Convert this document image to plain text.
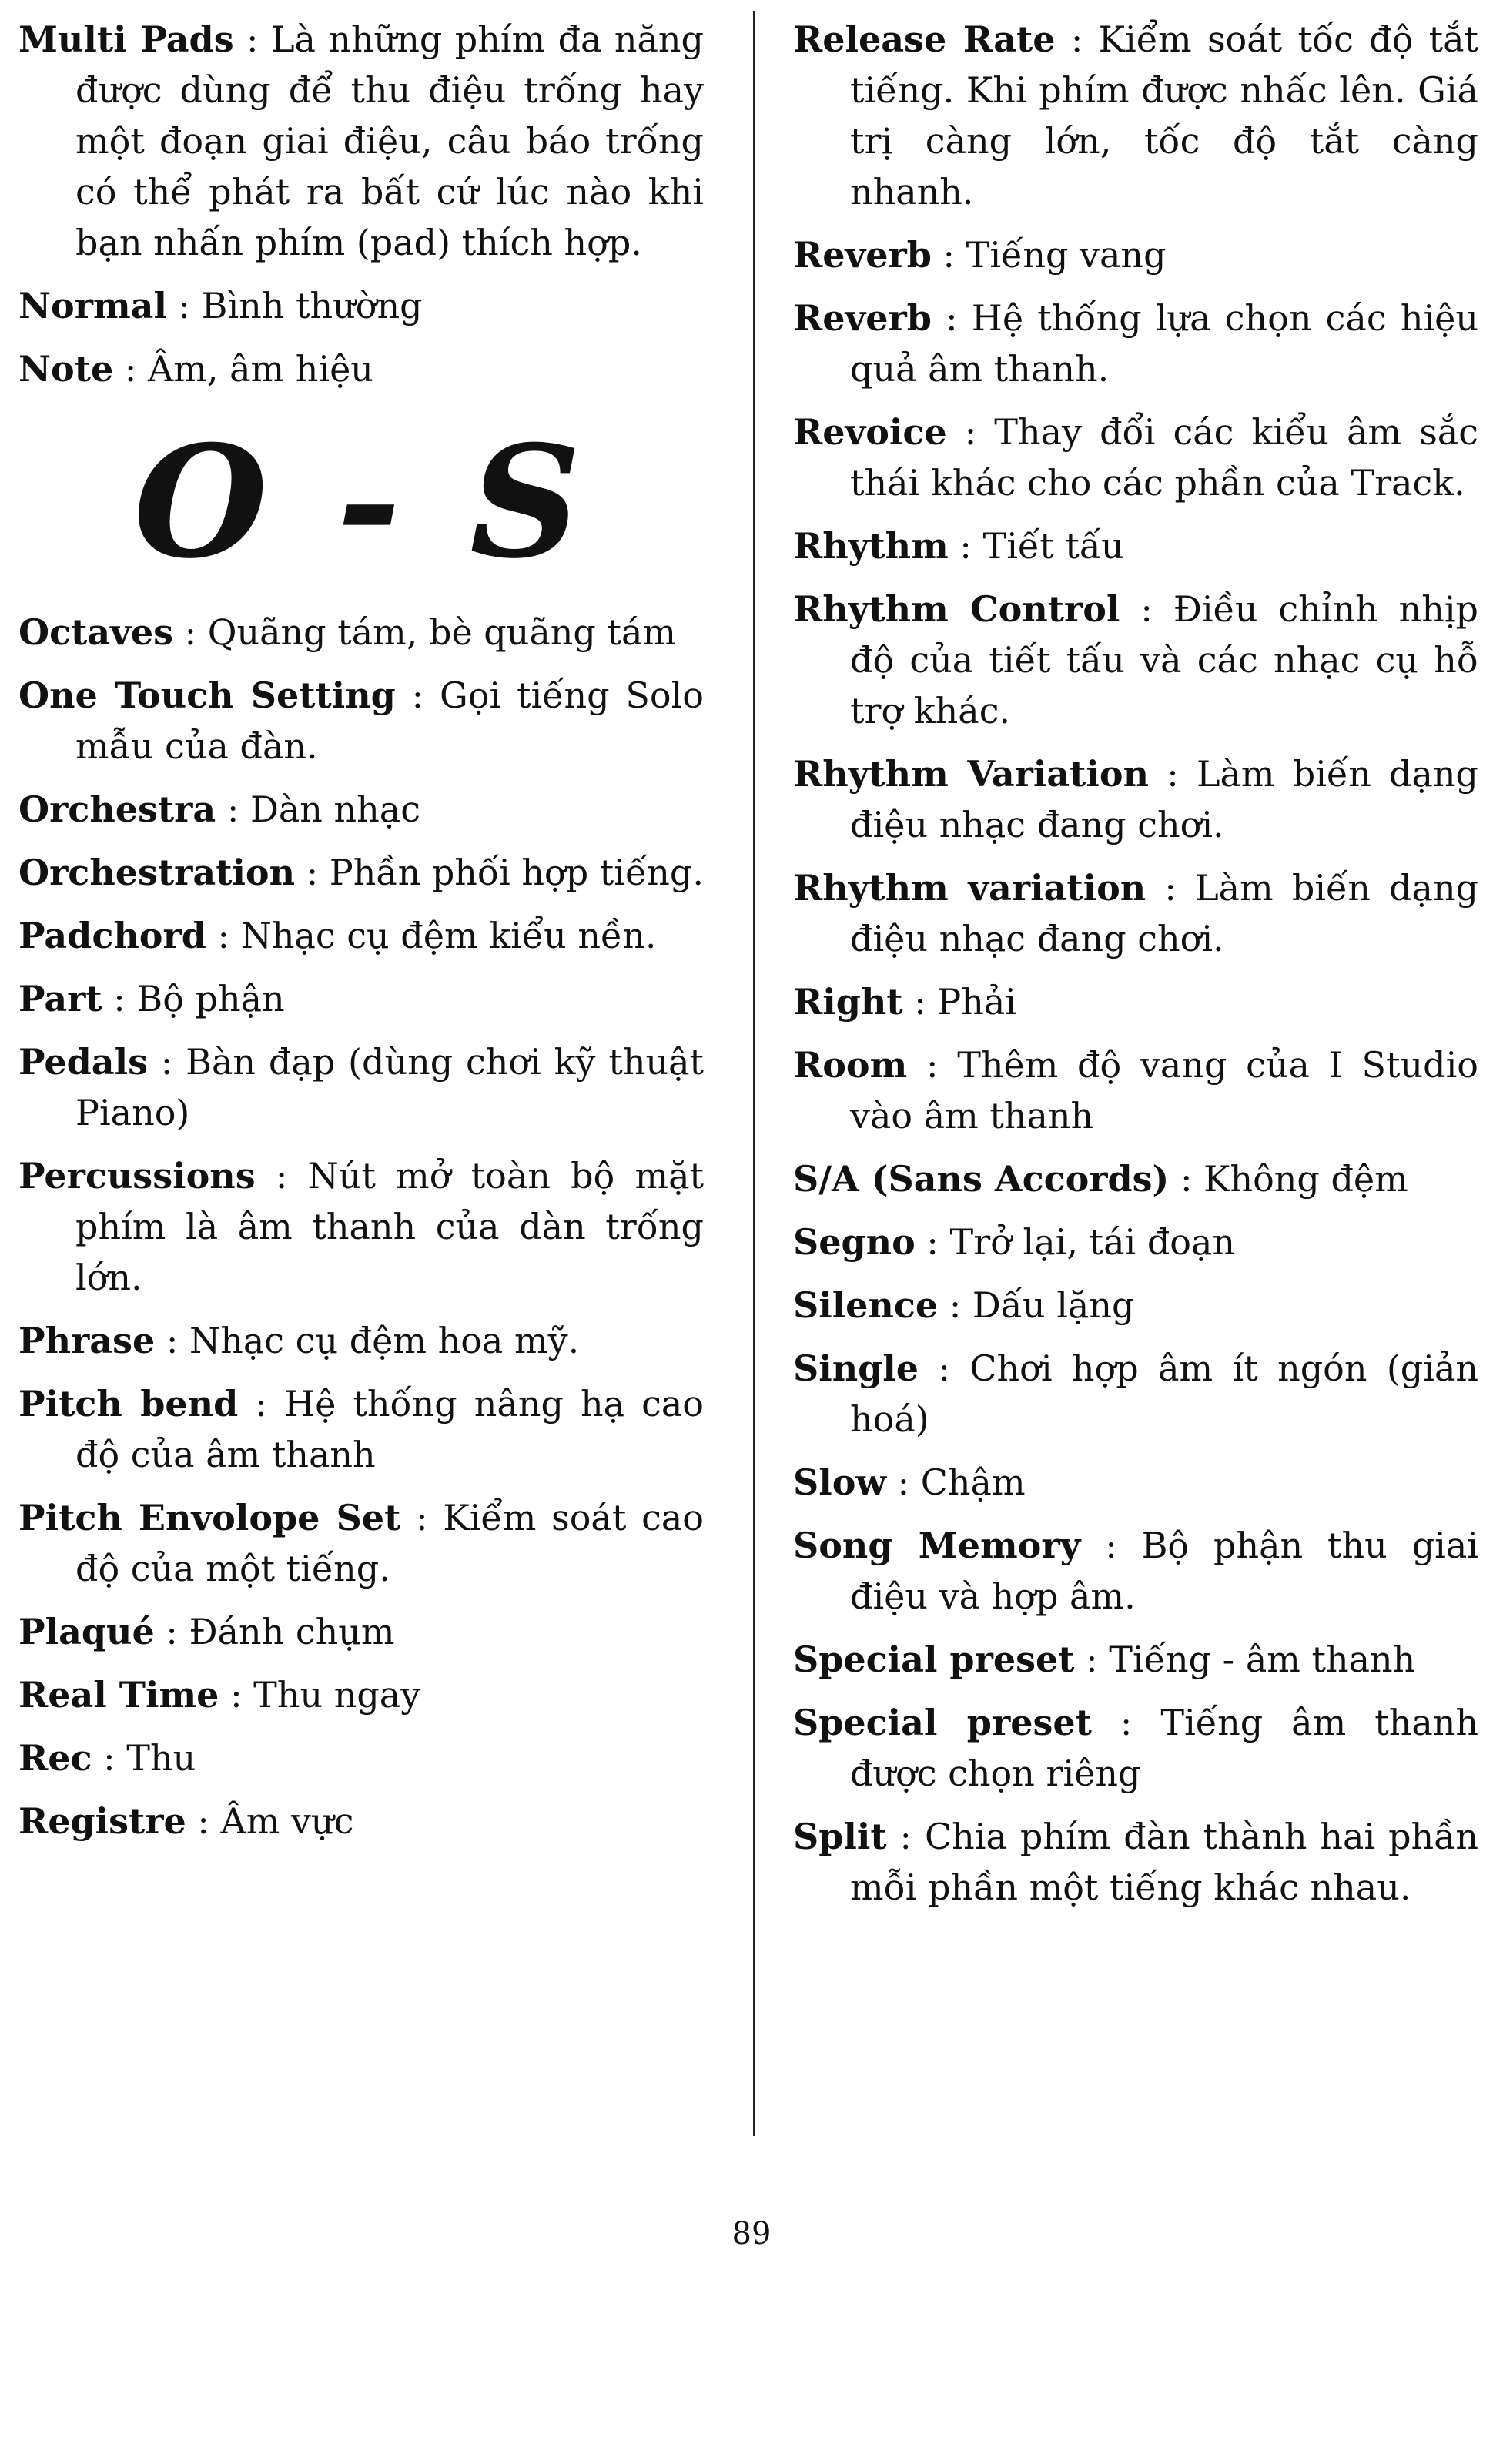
Multi Pads : Là những phím đa năng được dùng để thu điệu trống hay một đoạn giai điệu, câu báo trống có thể phát ra bất cứ lúc nào khi bạn nhấn phím (pad) thích hợp.
Normal : Bình thường
Note : Âm, âm hiệu
O - S
Octaves : Quãng tám, bè quãng tám
One Touch Setting : Gọi tiếng Solo mẫu của đàn.
Orchestra : Dàn nhạc
Orchestration : Phần phối hợp tiếng.
Padchord : Nhạc cụ đệm kiểu nền.
Part : Bộ phận
Pedals : Bàn đạp (dùng chơi kỹ thuật Piano)
Percussions : Nút mở toàn bộ mặt phím là âm thanh của dàn trống lớn.
Phrase : Nhạc cụ đệm hoa mỹ.
Pitch bend : Hệ thống nâng hạ cao độ của âm thanh
Pitch Envolope Set : Kiểm soát cao độ của một tiếng.
Plaqué : Đánh chụm
Real Time : Thu ngay
Rec : Thu
Registre : Âm vực
Release Rate : Kiểm soát tốc độ tắt tiếng. Khi phím được nhấc lên. Giá trị càng lớn, tốc độ tắt càng nhanh.
Reverb : Tiếng vang
Reverb : Hệ thống lựa chọn các hiệu quả âm thanh.
Revoice : Thay đổi các kiểu âm sắc thái khác cho các phần của Track.
Rhythm : Tiết tấu
Rhythm Control : Điều chỉnh nhịp độ của tiết tấu và các nhạc cụ hỗ trợ khác.
Rhythm Variation : Làm biến dạng điệu nhạc đang chơi.
Rhythm variation : Làm biến dạng điệu nhạc đang chơi.
Right : Phải
Room : Thêm độ vang của I Studio vào âm thanh
S/A (Sans Accords) : Không đệm
Segno : Trở lại, tái đoạn
Silence : Dấu lặng
Single : Chơi hợp âm ít ngón (giản hoá)
Slow : Chậm
Song Memory : Bộ phận thu giai điệu và hợp âm.
Special preset : Tiếng - âm thanh
Special preset : Tiếng âm thanh được chọn riêng
Split : Chia phím đàn thành hai phần mỗi phần một tiếng khác nhau.
89
